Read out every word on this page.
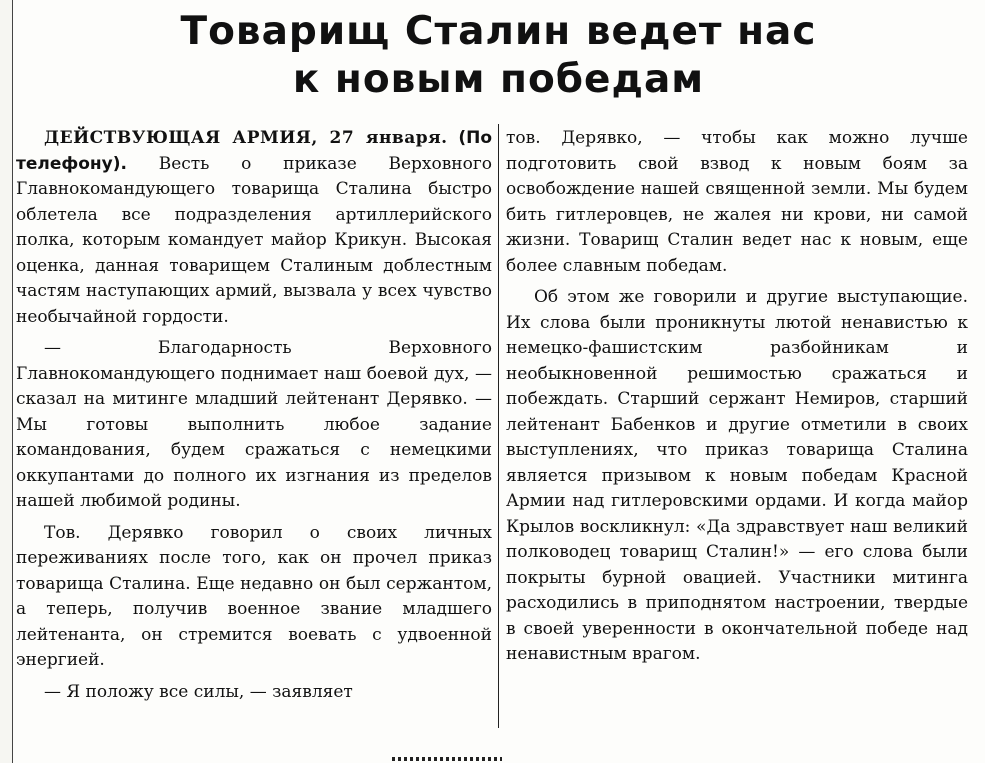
Товарищ Сталин ведет нас
к новым победам

ДЕЙСТВУЮЩАЯ АРМИЯ, 27 января. (По телефону). Весть о приказе Верховного Главнокомандующего товарища Сталина быстро облетела все подразделения артиллерийского полка, которым командует майор Крикун. Высокая оценка, данная товарищем Сталиным доблестным частям наступающих армий, вызвала у всех чувство необычайной гордости.

— Благодарность Верховного Главнокомандующего поднимает наш боевой дух, — сказал на митинге младший лейтенант Дерявко. — Мы готовы выполнить любое задание командования, будем сражаться с немецкими оккупантами до полного их изгнания из пределов нашей любимой родины.

Тов. Дерявко говорил о своих личных переживаниях после того, как он прочел приказ товарища Сталина. Еще недавно он был сержантом, а теперь, получив военное звание младшего лейтенанта, он стремится воевать с удвоенной энергией.

— Я положу все силы, — заявляет

тов. Дерявко, — чтобы как можно лучше подготовить свой взвод к новым боям за освобождение нашей священной земли. Мы будем бить гитлеровцев, не жалея ни крови, ни самой жизни. Товарищ Сталин ведет нас к новым, еще более славным победам.

Об этом же говорили и другие выступающие. Их слова были проникнуты лютой ненавистью к немецко-фашистским разбойникам и необыкновенной решимостью сражаться и побеждать. Старший сержант Немиров, старший лейтенант Бабенков и другие отметили в своих выступлениях, что приказ товарища Сталина является призывом к новым победам Красной Армии над гитлеровскими ордами. И когда майор Крылов воскликнул: «Да здравствует наш великий полководец товарищ Сталин!» — его слова были покрыты бурной овацией. Участники митинга расходились в приподнятом настроении, твердые в своей уверенности в окончательной победе над ненавистным врагом.
